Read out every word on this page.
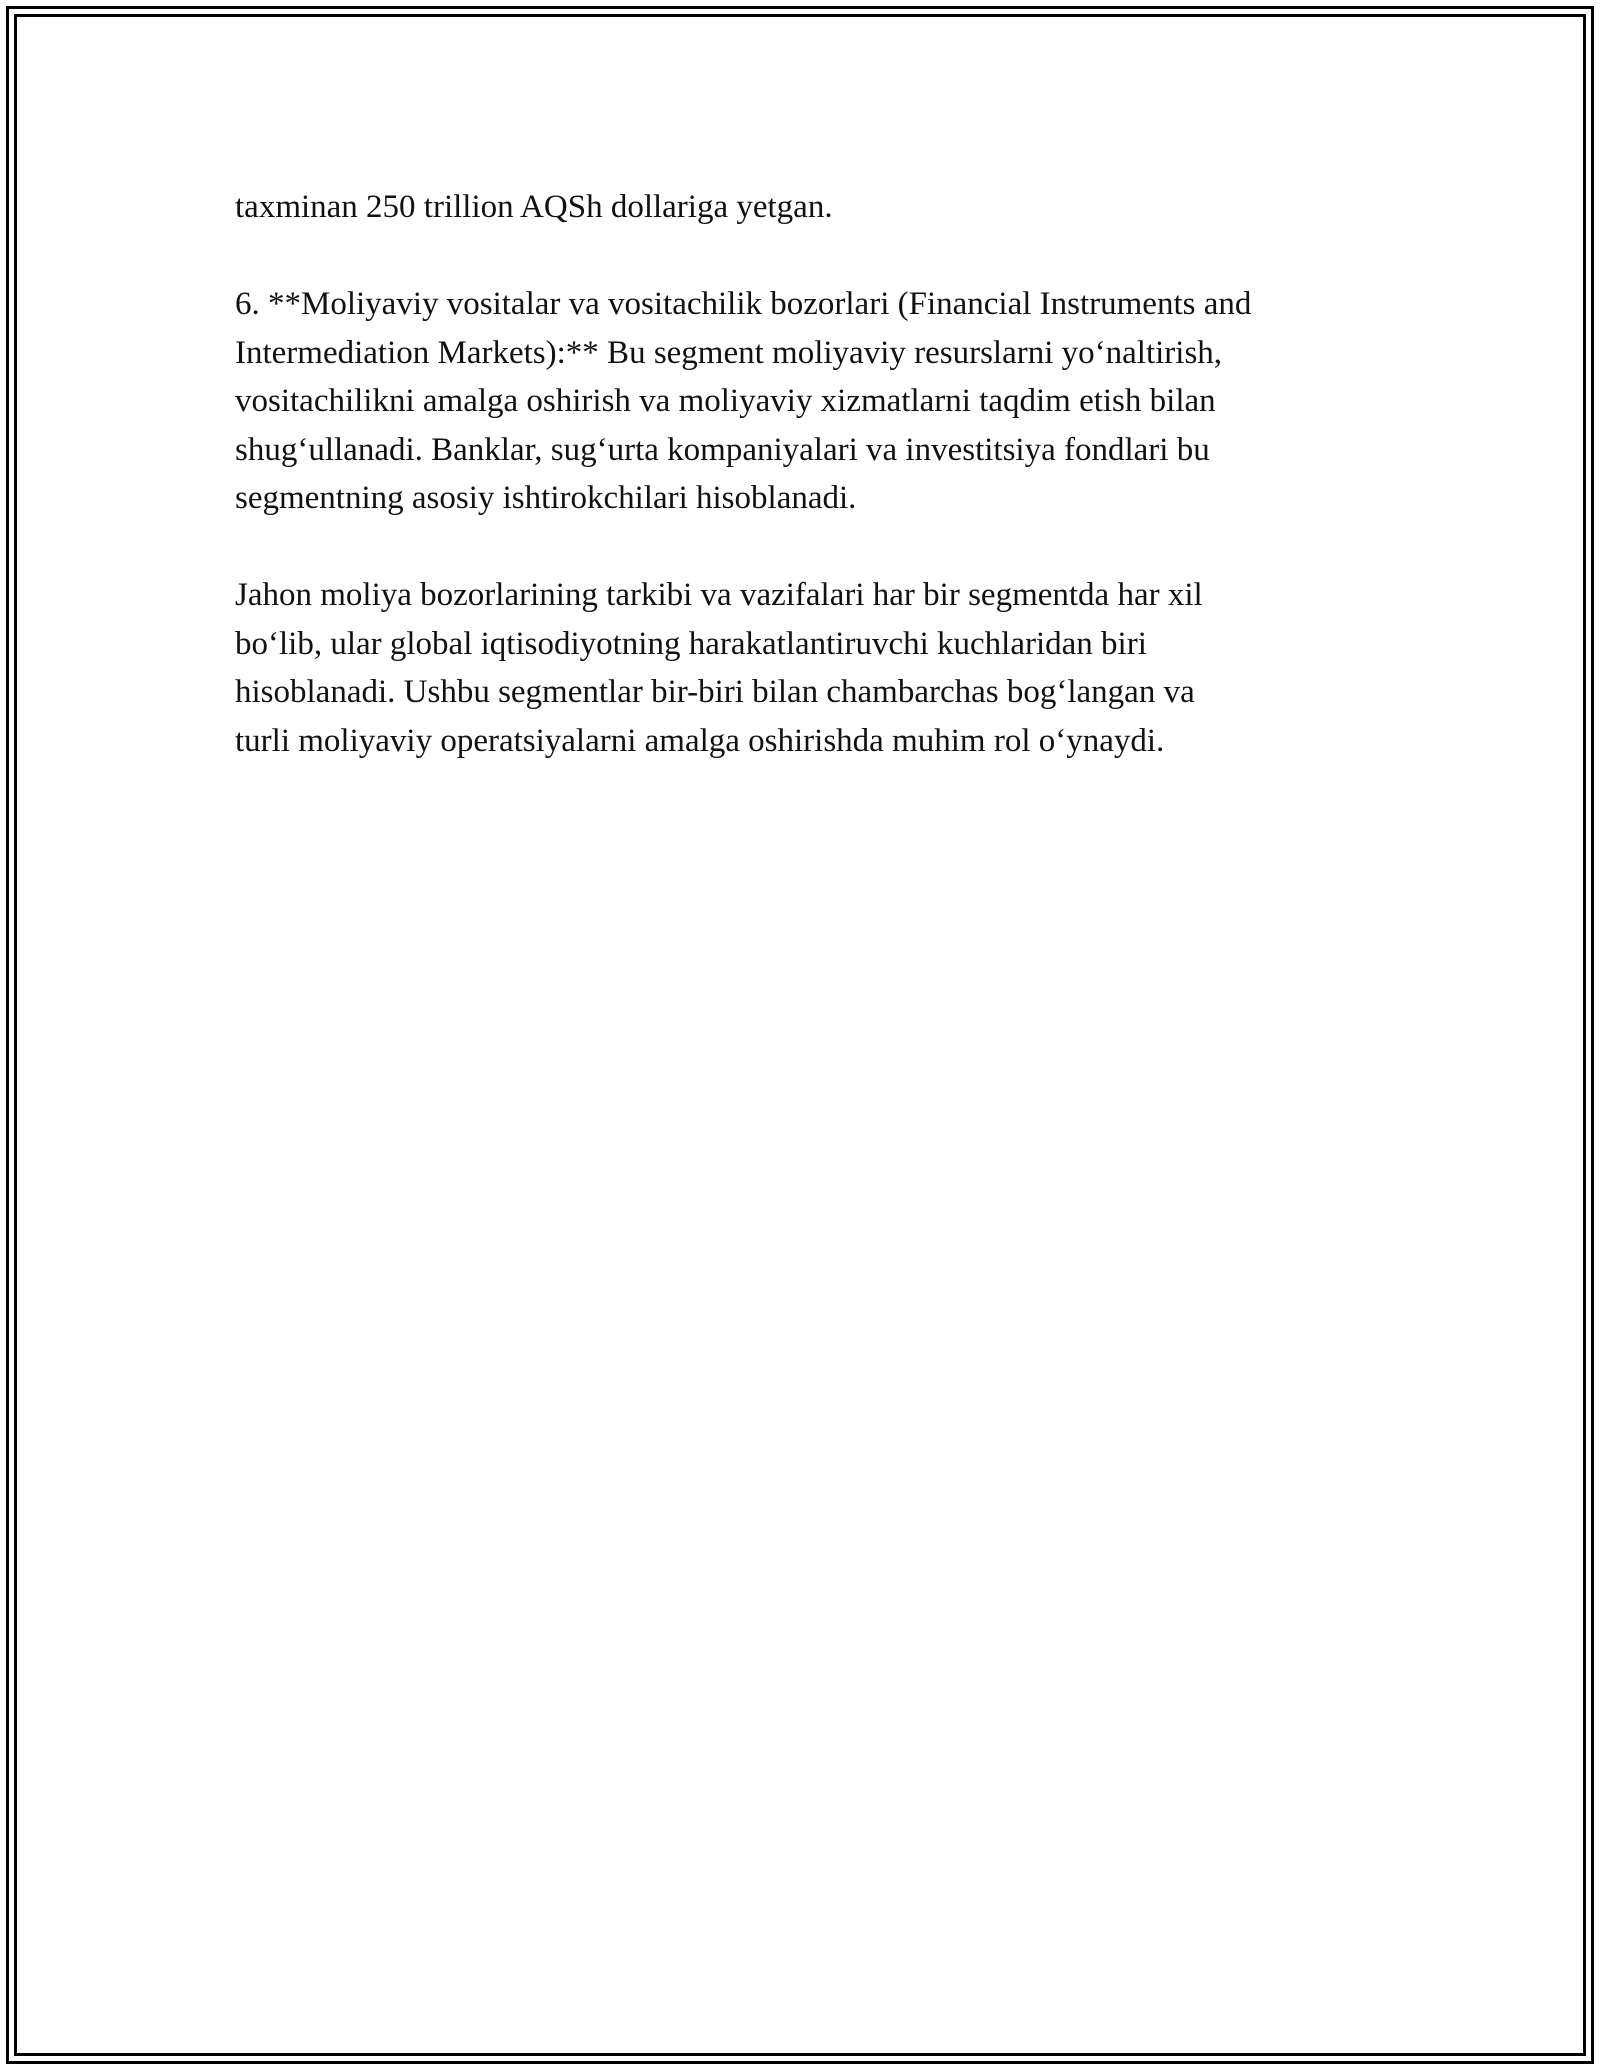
taxminan 250 trillion AQSh dollariga yetgan.

6. **Moliyaviy vositalar va vositachilik bozorlari (Financial Instruments and
Intermediation Markets):** Bu segment moliyaviy resurslarni yo‘naltirish,
vositachilikni amalga oshirish va moliyaviy xizmatlarni taqdim etish bilan
shug‘ullanadi. Banklar, sug‘urta kompaniyalari va investitsiya fondlari bu
segmentning asosiy ishtirokchilari hisoblanadi.

Jahon moliya bozorlarining tarkibi va vazifalari har bir segmentda har xil
bo‘lib, ular global iqtisodiyotning harakatlantiruvchi kuchlaridan biri
hisoblanadi. Ushbu segmentlar bir-biri bilan chambarchas bog‘langan va
turli moliyaviy operatsiyalarni amalga oshirishda muhim rol o‘ynaydi.
